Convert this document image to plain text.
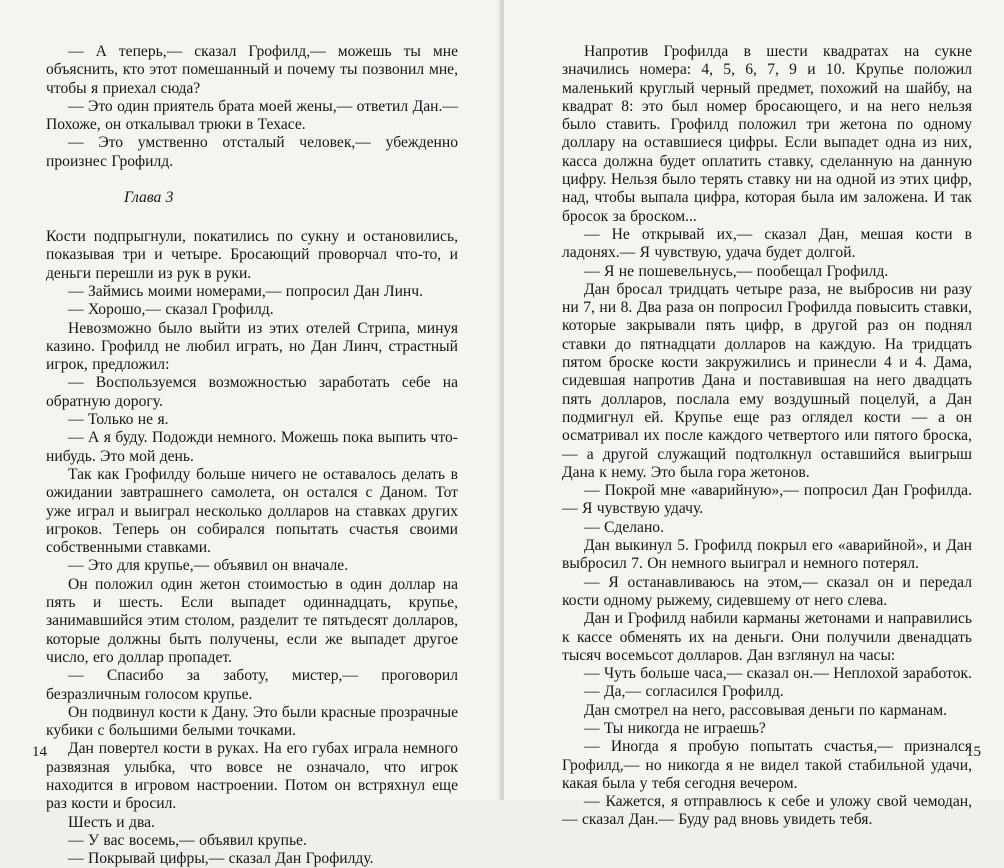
— А теперь,— сказал Грофилд,— можешь ты мне объяснить, кто этот помешанный и почему ты позвонил мне, чтобы я приехал сюда?

— Это один приятель брата моей жены,— ответил Дан.— Похоже, он откалывал трюки в Техасе.

— Это умственно отсталый человек,— убежденно произнес Грофилд.

Глава 3

Кости подпрыгнули, покатились по сукну и остановились, показывая три и четыре. Бросающий проворчал что-то, и деньги перешли из рук в руки.

— Займись моими номерами,— попросил Дан Линч.

— Хорошо,— сказал Грофилд.

Невозможно было выйти из этих отелей Стрипа, минуя казино. Грофилд не любил играть, но Дан Линч, страстный игрок, предложил:

— Воспользуемся возможностью заработать себе на обратную дорогу.

— Только не я.

— А я буду. Подожди немного. Можешь пока выпить что-нибудь. Это мой день.

Так как Грофилду больше ничего не оставалось делать в ожидании завтрашнего самолета, он остался с Даном. Тот уже играл и выиграл несколько долларов на ставках других игроков. Теперь он собирался попытать счастья своими собственными ставками.

— Это для крупье,— объявил он вначале.

Он положил один жетон стоимостью в один доллар на пять и шесть. Если выпадет одиннадцать, крупье, занимавшийся этим столом, разделит те пятьдесят долларов, которые должны быть получены, если же выпадет другое число, его доллар пропадет.

— Спасибо за заботу, мистер,— проговорил безразличным голосом крупье.

Он подвинул кости к Дану. Это были красные прозрачные кубики с большими белыми точками.

Дан повертел кости в руках. На его губах играла немного развязная улыбка, что вовсе не означало, что игрок находится в игровом настроении. Потом он встряхнул еще раз кости и бросил.

Шесть и два.

— У вас восемь,— объявил крупье.

— Покрывай цифры,— сказал Дан Грофилду.

14

Напротив Грофилда в шести квадратах на сукне значились номера: 4, 5, 6, 7, 9 и 10. Крупье положил маленький круглый черный предмет, похожий на шайбу, на квадрат 8: это был номер бросающего, и на него нельзя было ставить. Грофилд положил три жетона по одному доллару на оставшиеся цифры. Если выпадет одна из них, касса должна будет оплатить ставку, сделанную на данную цифру. Нельзя было терять ставку ни на одной из этих цифр, над, чтобы выпала цифра, которая была им заложена. И так бросок за броском...

— Не открывай их,— сказал Дан, мешая кости в ладонях.— Я чувствую, удача будет долгой.

— Я не пошевельнусь,— пообещал Грофилд.

Дан бросал тридцать четыре раза, не выбросив ни разу ни 7, ни 8. Два раза он попросил Грофилда повысить ставки, которые закрывали пять цифр, в другой раз он поднял ставки до пятнадцати долларов на каждую. На тридцать пятом броске кости закружились и принесли 4 и 4. Дама, сидевшая напротив Дана и поставившая на него двадцать пять долларов, послала ему воздушный поцелуй, а Дан подмигнул ей. Крупье еще раз оглядел кости — а он осматривал их после каждого четвертого или пятого броска,— а другой служащий подтолкнул оставшийся выигрыш Дана к нему. Это была гора жетонов.

— Покрой мне «аварийную»,— попросил Дан Грофилда.— Я чувствую удачу.

— Сделано.

Дан выкинул 5. Грофилд покрыл его «аварийной», и Дан выбросил 7. Он немного выиграл и немного потерял.

— Я останавливаюсь на этом,— сказал он и передал кости одному рыжему, сидевшему от него слева.

Дан и Грофилд набили карманы жетонами и направились к кассе обменять их на деньги. Они получили двенадцать тысяч восемьсот долларов. Дан взглянул на часы:

— Чуть больше часа,— сказал он.— Неплохой заработок.

— Да,— согласился Грофилд.

Дан смотрел на него, рассовывая деньги по карманам.

— Ты никогда не играешь?

— Иногда я пробую попытать счастья,— признался Грофилд,— но никогда я не видел такой стабильной удачи, какая была у тебя сегодня вечером.

— Кажется, я отправлюсь к себе и уложу свой чемодан,— сказал Дан.— Буду рад вновь увидеть тебя.

15
